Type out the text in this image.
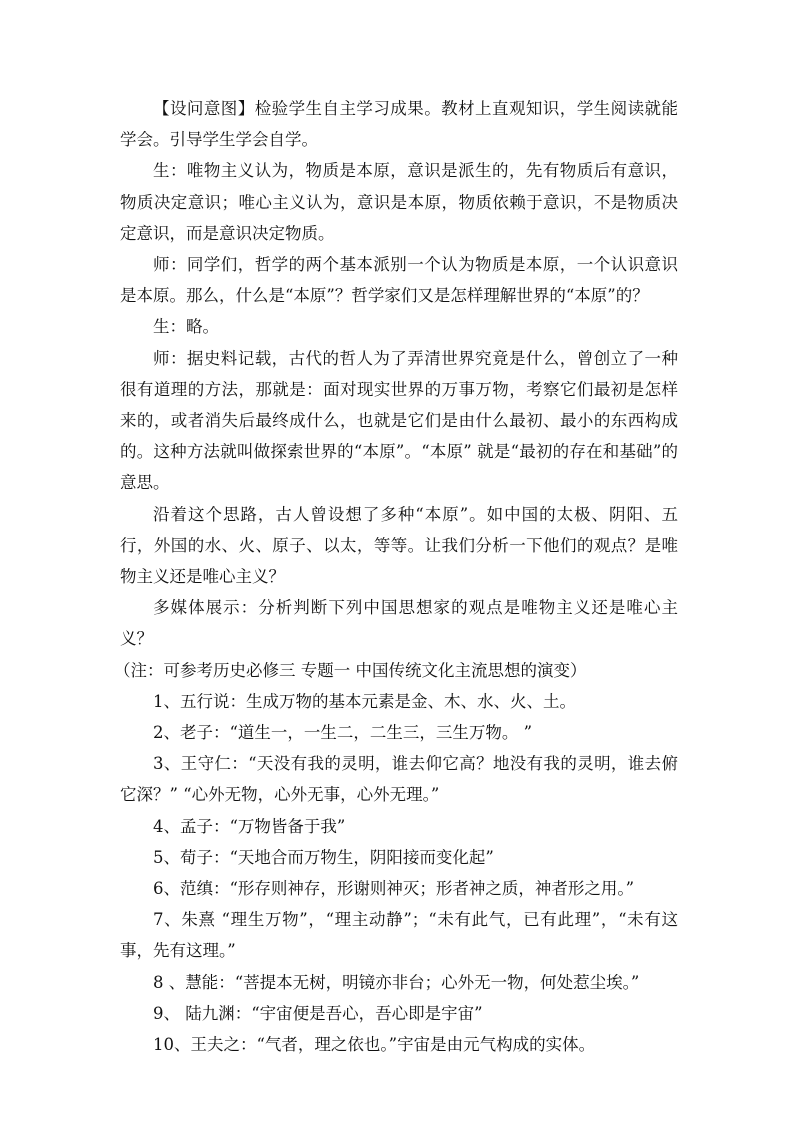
【设问意图】检验学生自主学习成果。教材上直观知识，学生阅读就能学会。引导学生学会自学。

生：唯物主义认为，物质是本原，意识是派生的，先有物质后有意识，物质决定意识；唯心主义认为，意识是本原，物质依赖于意识，不是物质决定意识，而是意识决定物质。

师：同学们，哲学的两个基本派别一个认为物质是本原，一个认识意识是本原。那么，什么是“本原”？哲学家们又是怎样理解世界的“本原”的？

生：略。

师：据史料记载，古代的哲人为了弄清世界究竟是什么，曾创立了一种很有道理的方法，那就是：面对现实世界的万事万物，考察它们最初是怎样来的，或者消失后最终成什么，也就是它们是由什么最初、最小的东西构成的。这种方法就叫做探索世界的“本原”。“本原” 就是“最初的存在和基础”的意思。

沿着这个思路，古人曾设想了多种“本原”。如中国的太极、阴阳、五行，外国的水、火、原子、以太，等等。让我们分析一下他们的观点？是唯物主义还是唯心主义？

多媒体展示：分析判断下列中国思想家的观点是唯物主义还是唯心主义？

（注：可参考历史必修三 专题一 中国传统文化主流思想的演变）

1、五行说：生成万物的基本元素是金、木、水、火、土。

2、老子：“道生一，一生二，二生三，三生万物。 ”

3、王守仁：“天没有我的灵明，谁去仰它高？地没有我的灵明，谁去俯它深？” “心外无物，心外无事，心外无理。”

4、孟子：“万物皆备于我”

5、荀子：“天地合而万物生，阴阳接而变化起”

6、范缜：“形存则神存，形谢则神灭；形者神之质，神者形之用。”

7、朱熹 “理生万物”，“理主动静”；“未有此气，已有此理”，“未有这事，先有这理。”

8 、慧能：“菩提本无树，明镜亦非台；心外无一物，何处惹尘埃。”

9、 陆九渊：“宇宙便是吾心，吾心即是宇宙”

10、王夫之：“气者，理之依也。”宇宙是由元气构成的实体。
